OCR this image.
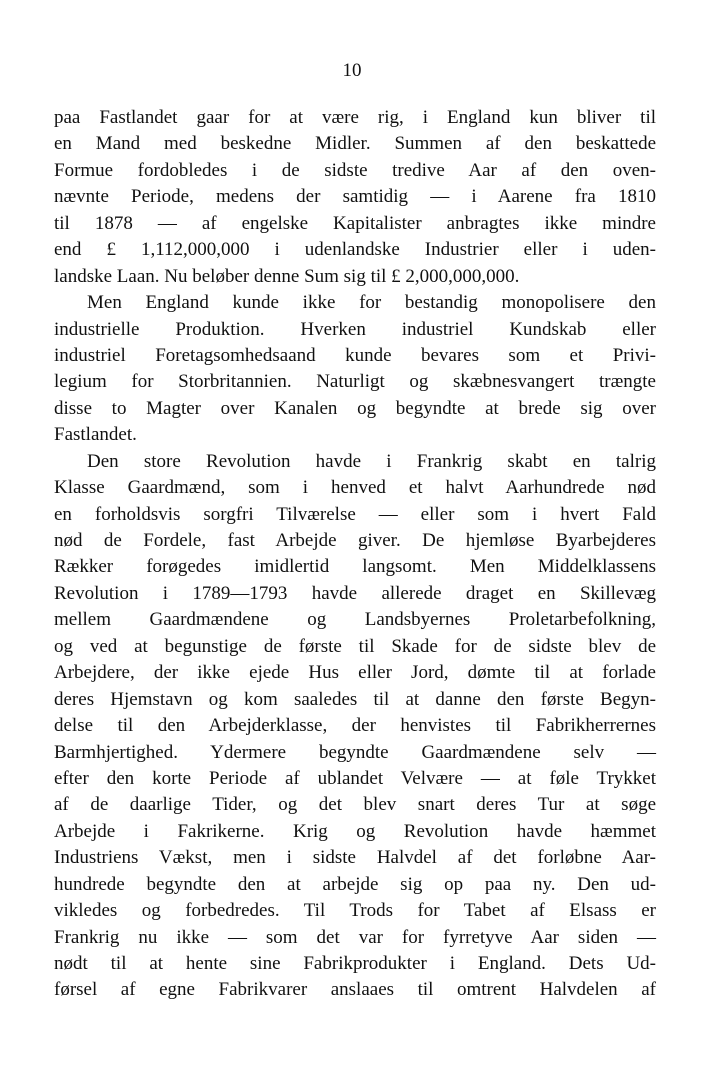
10
paa Fastlandet gaar for at være rig, i England kun bliver til
en Mand med beskedne Midler. Summen af den beskattede
Formue fordobledes i de sidste tredive Aar af den oven-
nævnte Periode, medens der samtidig — i Aarene fra 1810
til 1878 — af engelske Kapitalister anbragtes ikke mindre
end £ 1,112,000,000 i udenlandske Industrier eller i uden-
landske Laan. Nu beløber denne Sum sig til £ 2,000,000,000.
Men England kunde ikke for bestandig monopolisere den
industrielle Produktion. Hverken industriel Kundskab eller
industriel Foretagsomhedsaand kunde bevares som et Privi-
legium for Storbritannien. Naturligt og skæbnesvangert trængte
disse to Magter over Kanalen og begyndte at brede sig over
Fastlandet.
Den store Revolution havde i Frankrig skabt en talrig
Klasse Gaardmænd, som i henved et halvt Aarhundrede nød
en forholdsvis sorgfri Tilværelse — eller som i hvert Fald
nød de Fordele, fast Arbejde giver. De hjemløse Byarbejderes
Rækker forøgedes imidlertid langsomt. Men Middelklassens
Revolution i 1789—1793 havde allerede draget en Skillevæg
mellem Gaardmændene og Landsbyernes Proletarbefolkning,
og ved at begunstige de første til Skade for de sidste blev de
Arbejdere, der ikke ejede Hus eller Jord, dømte til at forlade
deres Hjemstavn og kom saaledes til at danne den første Begyn-
delse til den Arbejderklasse, der henvistes til Fabrikherrernes
Barmhjertighed. Ydermere begyndte Gaardmændene selv —
efter den korte Periode af ublandet Velvære — at føle Trykket
af de daarlige Tider, og det blev snart deres Tur at søge
Arbejde i Fakrikerne. Krig og Revolution havde hæmmet
Industriens Vækst, men i sidste Halvdel af det forløbne Aar-
hundrede begyndte den at arbejde sig op paa ny. Den ud-
vikledes og forbedredes. Til Trods for Tabet af Elsass er
Frankrig nu ikke — som det var for fyrretyve Aar siden —
nødt til at hente sine Fabrikprodukter i England. Dets Ud-
førsel af egne Fabrikvarer anslaaes til omtrent Halvdelen af
